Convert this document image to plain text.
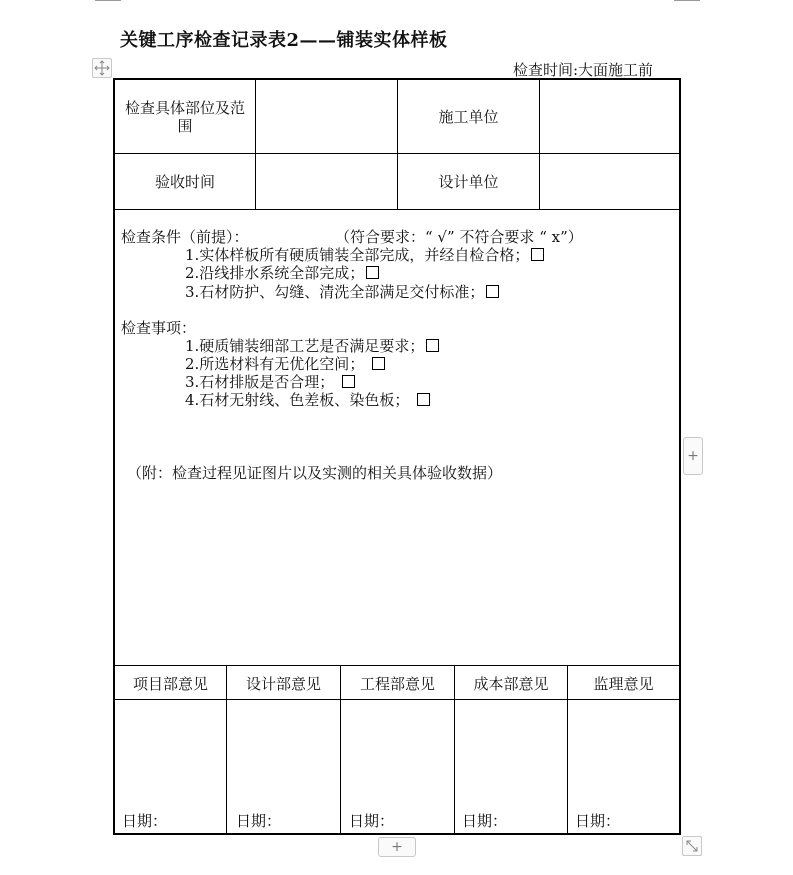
关键工序检查记录表2——铺装实体样板
检查时间:大面施工前
检查具体部位及范围	施工单位
验收时间	设计单位
检查条件（前提）：	（符合要求：“ √” 不符合要求 “ x”）
1.实体样板所有硬质铺装全部完成，并经自检合格；
2.沿线排水系统全部完成；
3.石材防护、勾缝、清洗全部满足交付标准；
检查事项：
1.硬质铺装细部工艺是否满足要求；
2.所选材料有无优化空间；
3.石材排版是否合理；
4.石材无射线、色差板、染色板；
（附：检查过程见证图片以及实测的相关具体验收数据）
项目部意见	设计部意见	工程部意见	成本部意见	监理意见
日期：	日期：	日期：	日期：	日期：
+
+
